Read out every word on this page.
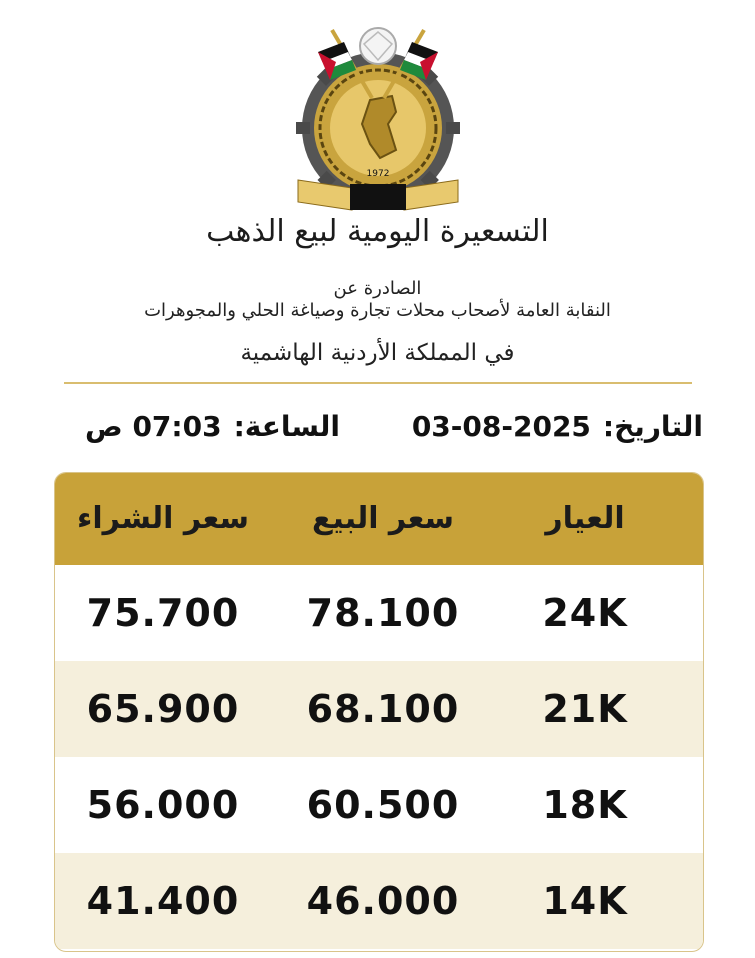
1972
التسعيرة اليومية لبيع الذهب
الصادرة عن
النقابة العامة لأصحاب محلات تجارة وصياغة الحلي والمجوهرات
في المملكة الأردنية الهاشمية
التاريخ:03-08-2025
الساعة:07:03 ص
العيار
سعر البيع
سعر الشراء
24K
78.100
75.700
21K
68.100
65.900
18K
60.500
56.000
14K
46.000
41.400
